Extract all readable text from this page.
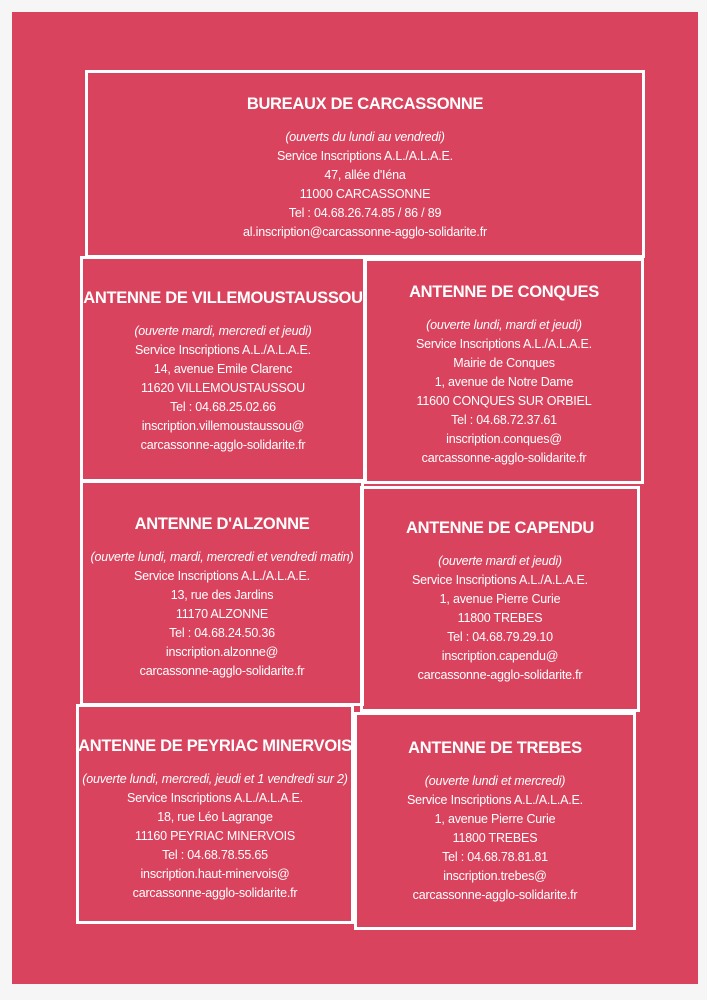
BUREAUX DE CARCASSONNE
(ouverts du lundi au vendredi)
Service Inscriptions A.L./A.L.A.E.
47, allée d'Iéna
11000 CARCASSONNE
Tel : 04.68.26.74.85 / 86 / 89
al.inscription@carcassonne-agglo-solidarite.fr
ANTENNE DE VILLEMOUSTAUSSOU
(ouverte mardi, mercredi et jeudi)
Service Inscriptions A.L./A.L.A.E.
14, avenue Emile Clarenc
11620 VILLEMOUSTAUSSOU
Tel : 04.68.25.02.66
inscription.villemoustaussou@
carcassonne-agglo-solidarite.fr
ANTENNE DE CONQUES
(ouverte lundi, mardi et jeudi)
Service Inscriptions A.L./A.L.A.E.
Mairie de Conques
1, avenue de Notre Dame
11600 CONQUES SUR ORBIEL
Tel : 04.68.72.37.61
inscription.conques@
carcassonne-agglo-solidarite.fr
ANTENNE D'ALZONNE
(ouverte lundi, mardi, mercredi et vendredi matin)
Service Inscriptions A.L./A.L.A.E.
13, rue des Jardins
11170 ALZONNE
Tel : 04.68.24.50.36
inscription.alzonne@
carcassonne-agglo-solidarite.fr
ANTENNE DE CAPENDU
(ouverte mardi et jeudi)
Service Inscriptions A.L./A.L.A.E.
1, avenue Pierre Curie
11800 TREBES
Tel : 04.68.79.29.10
inscription.capendu@
carcassonne-agglo-solidarite.fr
ANTENNE DE PEYRIAC MINERVOIS
(ouverte lundi, mercredi, jeudi et 1 vendredi sur 2)
Service Inscriptions A.L./A.L.A.E.
18, rue Léo Lagrange
11160 PEYRIAC MINERVOIS
Tel : 04.68.78.55.65
inscription.haut-minervois@
carcassonne-agglo-solidarite.fr
ANTENNE DE TREBES
(ouverte lundi et mercredi)
Service Inscriptions A.L./A.L.A.E.
1, avenue Pierre Curie
11800 TREBES
Tel : 04.68.78.81.81
inscription.trebes@
carcassonne-agglo-solidarite.fr
